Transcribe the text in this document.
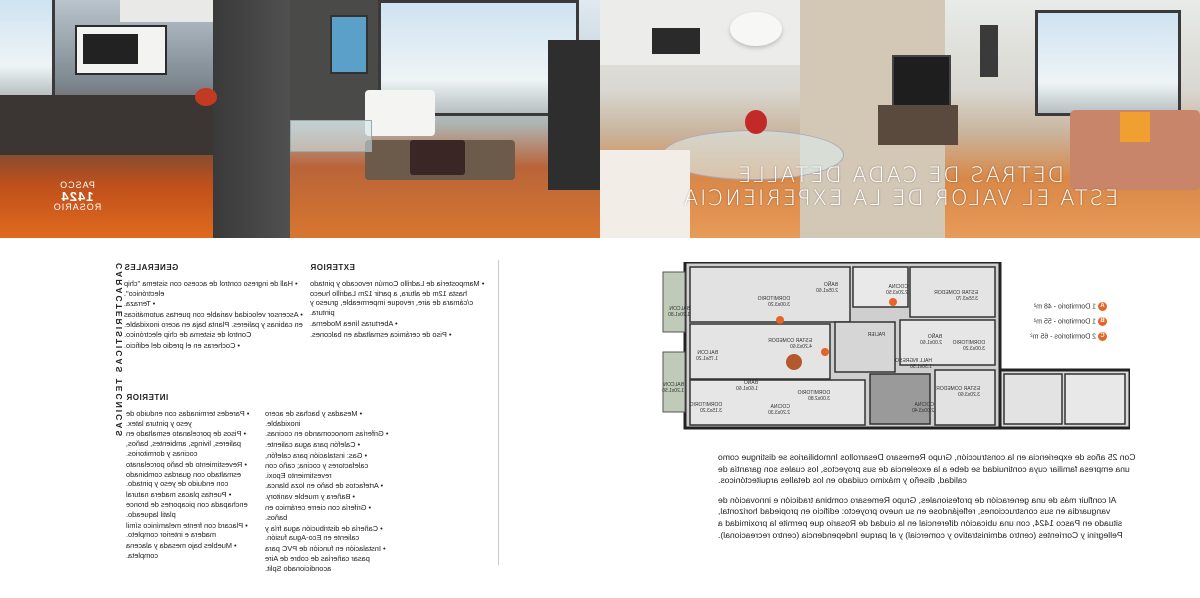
PASCO
1424
ROSARIO
DETRAS DE CADA DETALLE
ESTA EL VALOR DE LA EXPERIENCIA
CARACTERISTICAS TECNICAS GENERALES
• Hall de ingreso control de acceso con sistema "chip electrónico".
• Terraza.
• Ascensor velocidad variable con puertas automáticas en cabinas y palieres. Planta baja en acero inoxidable. Control de sistema de chip electrónico.
• Cocheras en el predio del edificio.
EXTERIOR
• Mampostería de Ladrillo Común revocado y pintado hasta 12m de altura, a partir 12m Ladrillo hueco c/cámara de aire, revoque impermeable, grueso y pintura.
• Aberturas línea Moderna.
• Piso de cerámica esmaltada en balcones.
INTERIOR
• Mesadas y bachas de acero inoxidable.
• Griferías monocomando en cocinas.
• Calefón para agua caliente.
• Gas: instalación para calefón, calefactores y cocina; caño con revestimiento Epoxi.
• Artefactos de baño en loza blanca.
• Bañera y mueble vanitory.
• Grifería con cierre cerámico en baños.
• Cañería de distribución agua fría y caliente en Eco-Agua fusión.
• Instalación en función de PVC para pasar cañerías de cobre de Aire acondicionado Split.

• Paredes terminadas con enduido de yeso y pintura latex.
• Pisos de porcelanato esmaltado en palieres, livings, ambientes, baños, cocinas y dormitorios.
• Revestimiento de baño porcelanato esmaltado con guardas combinado con enduido de yeso y pintado.
• Puertas placas madera natural enchapada con picaportes de bronce platil laqueado.
• Placard con frente melamínico símil madera e interior completo.
• Muebles bajo mesada y alacena completa.
ESTAR COMEDOR
3.55x3.70
COCINA
2.20x3.50
BAÑO
2.05x1.60
DORMITORIO
3.00x3.20
PALIER
ESTAR COMEDOR
4.20x3.60
BALCON
1.75x1.20
BALCON
1.20x1.80
BAÑO
2.00x1.60 DORMITORIO
3.00x3.20
HALL INGRESO
1.30x1.50
ESTAR COMEDOR
3.20x3.60
COCINA
2.00x3.40
BALCON
1.20x1.50	DORMITORIO
3.00x2.80
COCINA
2.20x3.30
BAÑO
1.60x1.60
DORMITORIO
3.15x3.20
A 1 Dormitorio - 48 m²
B 1 Dormitorio - 55 m²
C 2 Dormitorios - 65 m²

Con 25 años de experiencia en la construcción, Grupo Remesaro Desarrollos Inmobiliarios se distingue como una empresa familiar cuya continuidad se debe a la excelencia de sus proyectos, los cuales son garantía de calidad, diseño y máximo cuidado en los detalles arquitectónicos.

Al confluir más de una generación de profesionales, Grupo Remesaro combina tradición e innovación de vanguardia en sus construcciones, reflejándose en su nuevo proyecto: edificio en propiedad horizontal, situado en Pasco 1424, con una ubicación diferencial en la ciudad de Rosario que permite la proximidad a Pellegrini y Corrientes (centro administrativo y comercial) y al parque Independencia (centro recreacional).
